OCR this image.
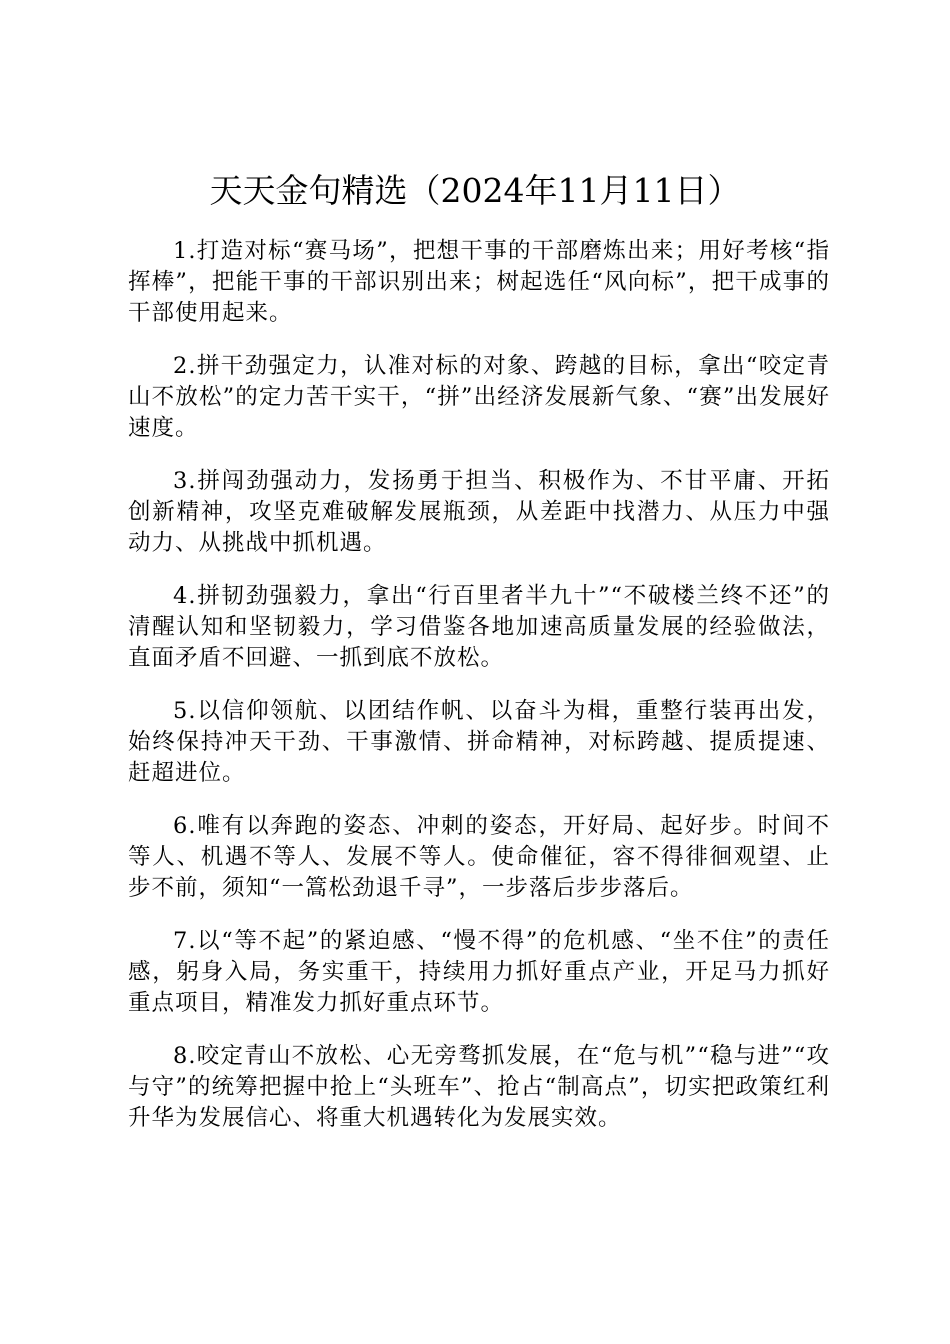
天天金句精选（2024年11月11日）

1.打造对标“赛马场”，把想干事的干部磨炼出来；用好考核“指挥棒”，把能干事的干部识别出来；树起选任“风向标”，把干成事的干部使用起来。

2.拼干劲强定力，认准对标的对象、跨越的目标，拿出“咬定青山不放松”的定力苦干实干，“拼”出经济发展新气象、“赛”出发展好速度。

3.拼闯劲强动力，发扬勇于担当、积极作为、不甘平庸、开拓创新精神，攻坚克难破解发展瓶颈，从差距中找潜力、从压力中强动力、从挑战中抓机遇。

4.拼韧劲强毅力，拿出“行百里者半九十”“不破楼兰终不还”的清醒认知和坚韧毅力，学习借鉴各地加速高质量发展的经验做法，直面矛盾不回避、一抓到底不放松。

5.以信仰领航、以团结作帆、以奋斗为楫，重整行装再出发，始终保持冲天干劲、干事激情、拼命精神，对标跨越、提质提速、赶超进位。

6.唯有以奔跑的姿态、冲刺的姿态，开好局、起好步。时间不等人、机遇不等人、发展不等人。使命催征，容不得徘徊观望、止步不前，须知“一篙松劲退千寻”，一步落后步步落后。

7.以“等不起”的紧迫感、“慢不得”的危机感、“坐不住”的责任感，躬身入局，务实重干，持续用力抓好重点产业，开足马力抓好重点项目，精准发力抓好重点环节。

8.咬定青山不放松、心无旁骛抓发展，在“危与机”“稳与进”“攻与守”的统筹把握中抢上“头班车”、抢占“制高点”，切实把政策红利升华为发展信心、将重大机遇转化为发展实效。
